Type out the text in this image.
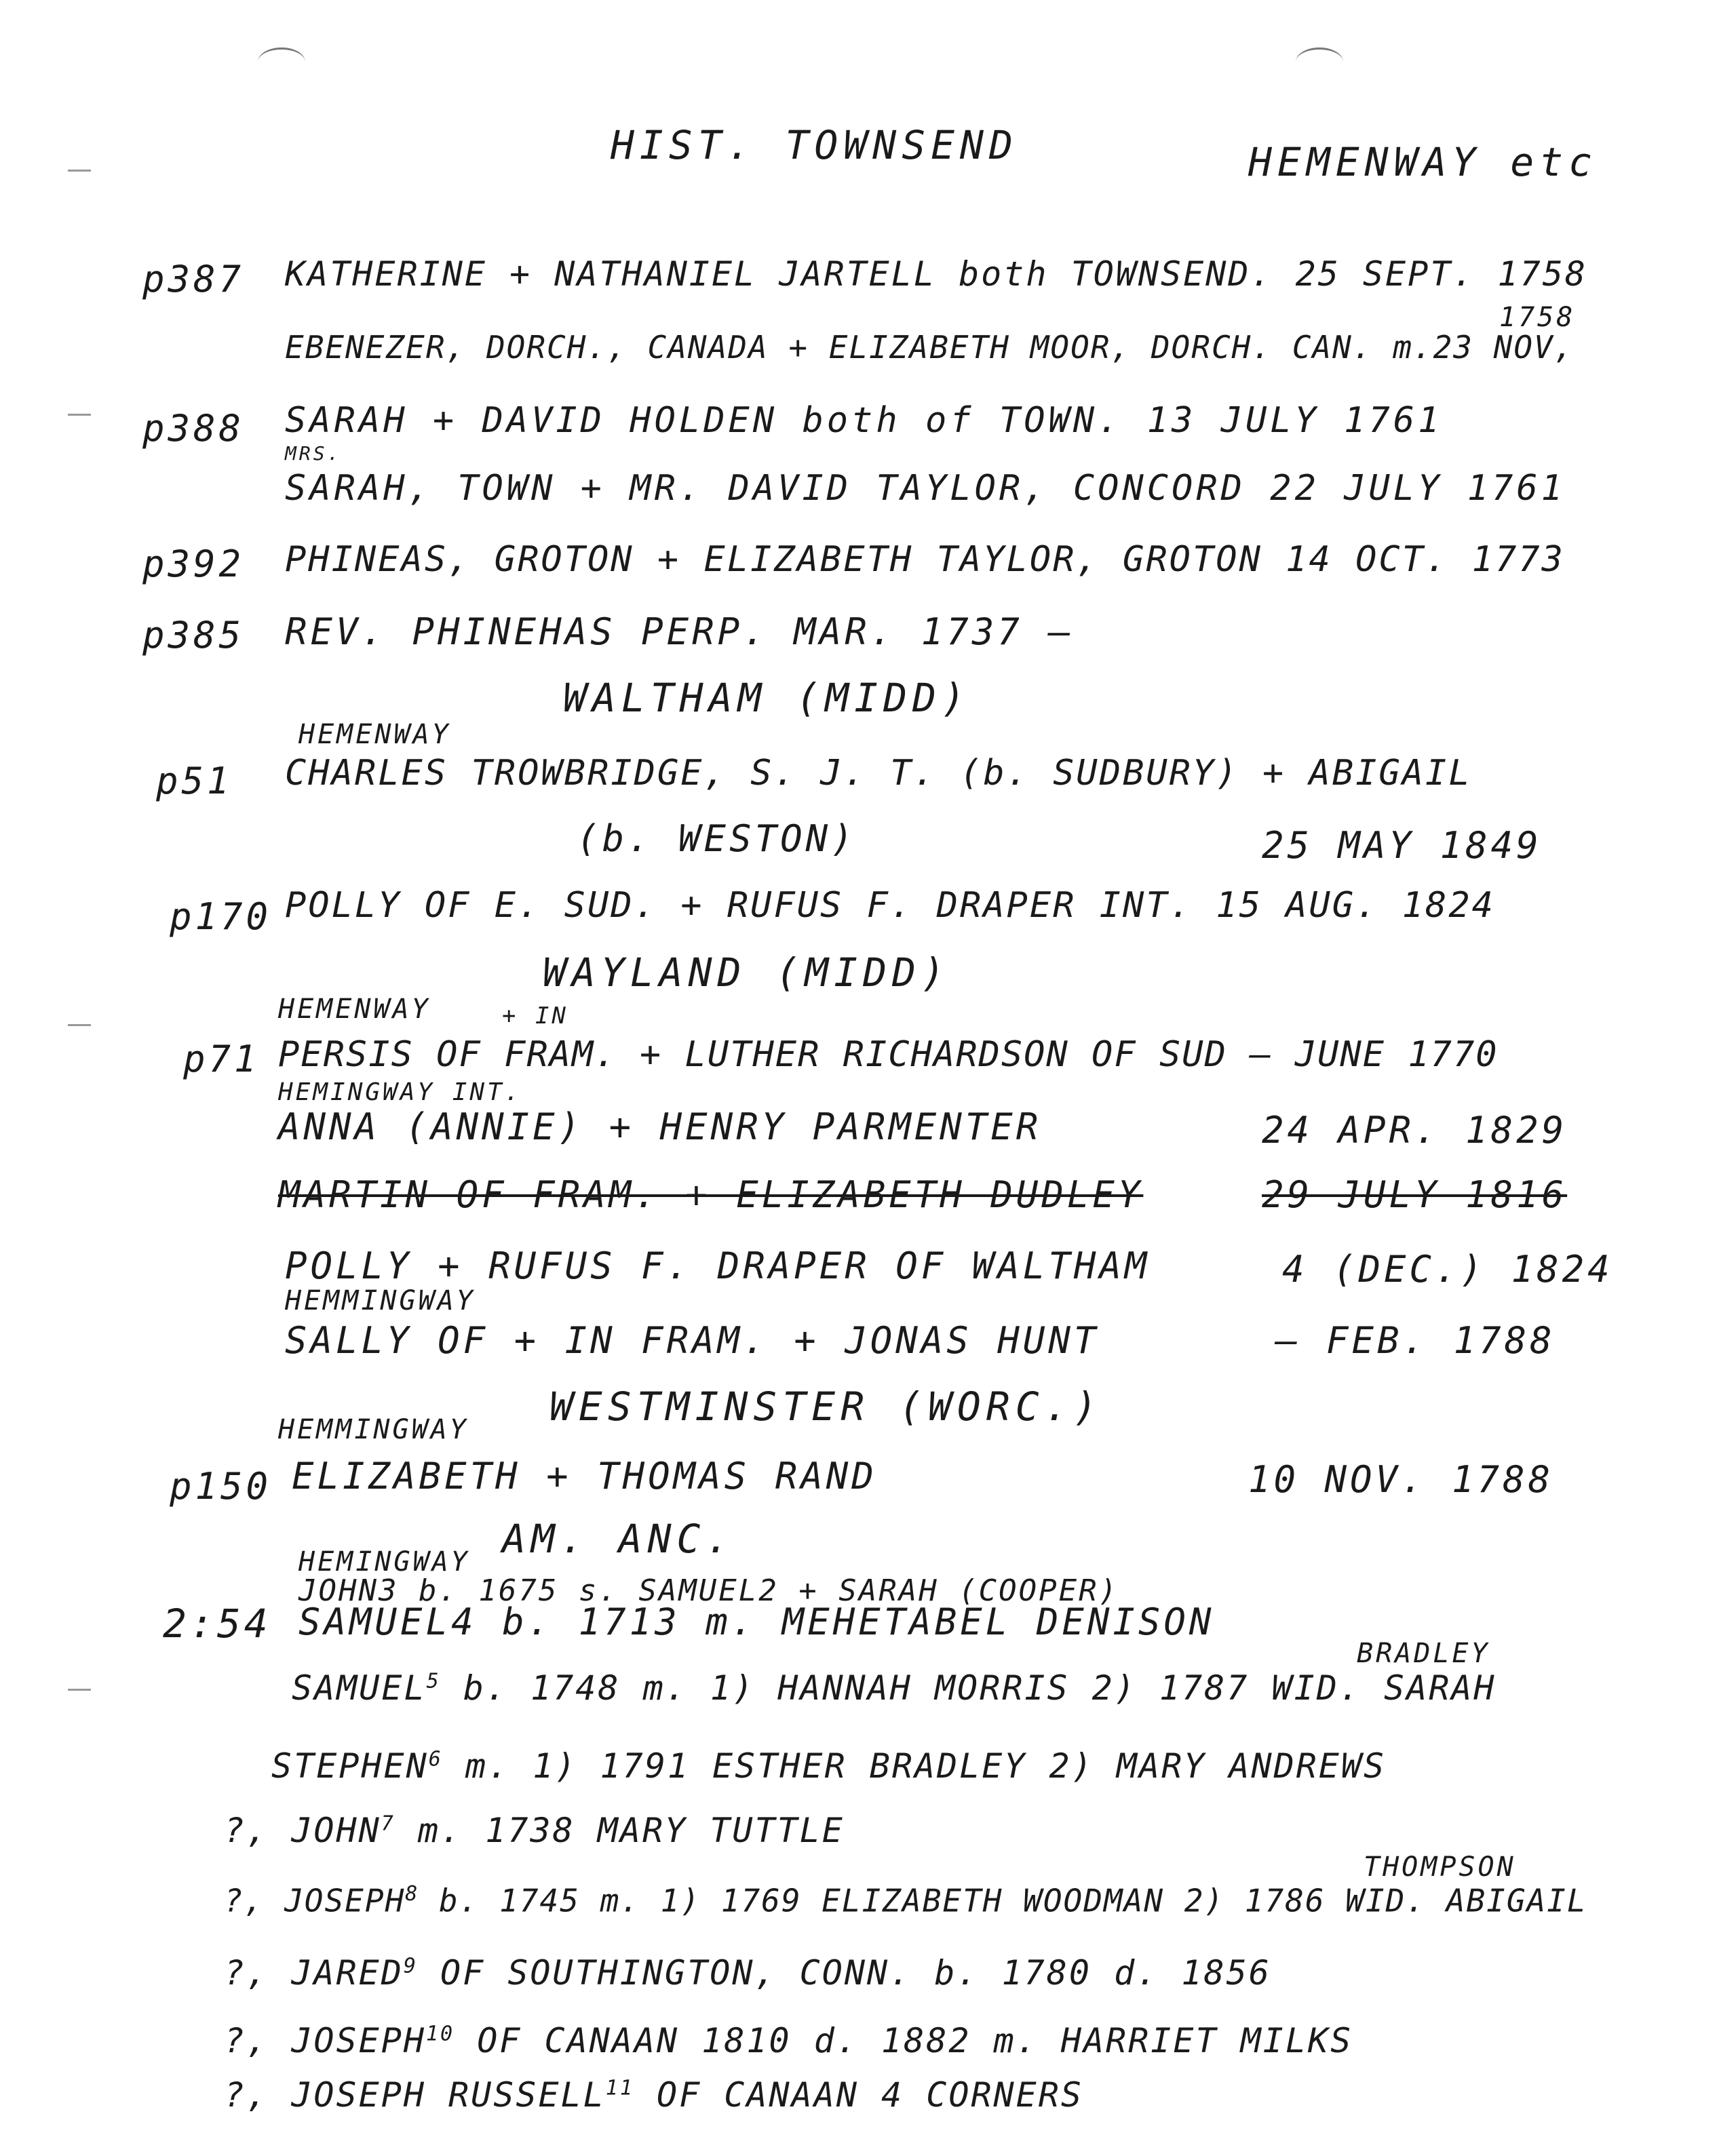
HIST. TOWNSEND	HEMENWAY etc
p387 KATHERINE + NATHANIEL JARTELL both TOWNSEND. 25 SEPT. 1758
1758
EBENEZER, DORCH., CANADA + ELIZABETH MOOR, DORCH. CAN. m.23 NOV,
p388 SARAH + DAVID HOLDEN both of TOWN. 13 JULY 1761
MRS.
SARAH, TOWN + MR. DAVID TAYLOR, CONCORD 22 JULY 1761
p392 PHINEAS, GROTON + ELIZABETH TAYLOR, GROTON 14 OCT. 1773
p385 REV. PHINEHAS PERP. MAR. 1737 –
WALTHAM (MIDD)
HEMENWAY
p51 CHARLES TROWBRIDGE, S. J. T. (b. SUDBURY) + ABIGAIL
(b. WESTON)	25 MAY 1849
p170 POLLY OF E. SUD. + RUFUS F. DRAPER INT. 15 AUG. 1824
WAYLAND (MIDD)
HEMENWAY	+ IN
p71 PERSIS OF FRAM. + LUTHER RICHARDSON OF SUD — JUNE 1770
HEMINGWAY INT.
ANNA (ANNIE) + HENRY PARMENTER	24 APR. 1829
MARTIN OF FRAM. + ELIZABETH DUDLEY	29 JULY 1816
POLLY + RUFUS F. DRAPER OF WALTHAM	4 (DEC.) 1824
HEMMINGWAY
SALLY OF + IN FRAM. + JONAS HUNT	— FEB. 1788
HEMMINGWAY WESTMINSTER (WORC.)
p150 ELIZABETH + THOMAS RAND	10 NOV. 1788
AM. ANC.
HEMINGWAY
JOHN3 b. 1675 s. SAMUEL2 + SARAH (COOPER)
2:54 SAMUEL4 b. 1713 m. MEHETABEL DENISON
BRADLEY
SAMUEL$^5$ b. 1748 m. 1) HANNAH MORRIS 2) 1787 WID. SARAH
STEPHEN$^6$ m. 1) 1791 ESTHER BRADLEY 2) MARY ANDREWS
?, JOHN$^7$ m. 1738 MARY TUTTLE
THOMPSON
?, JOSEPH$^8$ b. 1745 m. 1) 1769 ELIZABETH WOODMAN 2) 1786 WID. ABIGAIL
?, JARED$^9$ OF SOUTHINGTON, CONN. b. 1780 d. 1856
?, JOSEPH$^{10}$ OF CANAAN 1810 d. 1882 m. HARRIET MILKS
?, JOSEPH RUSSELL$^{11}$ OF CANAAN 4 CORNERS
